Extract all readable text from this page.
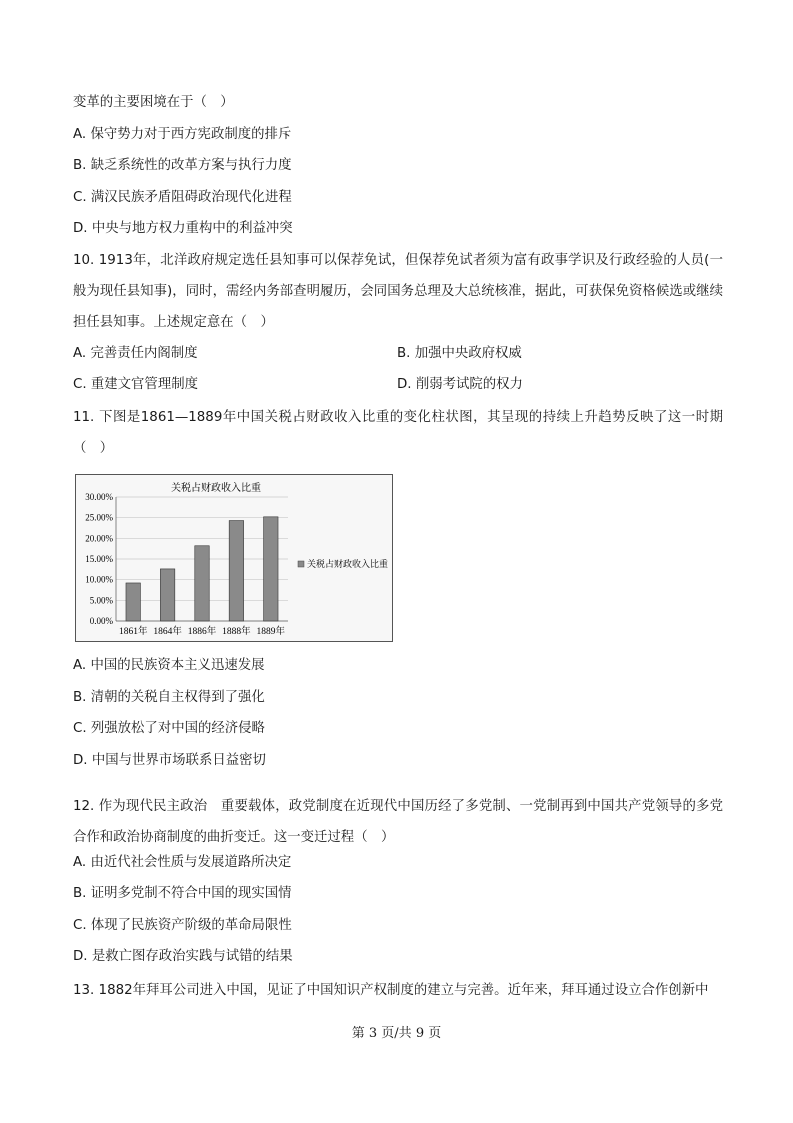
变革的主要困境在于（　）
A. 保守势力对于西方宪政制度的排斥
B. 缺乏系统性的改革方案与执行力度
C. 满汉民族矛盾阻碍政治现代化进程
D. 中央与地方权力重构中的利益冲突
10. 1913年，北洋政府规定选任县知事可以保荐免试，但保荐免试者须为富有政事学识及行政经验的人员(一般为现任县知事)，同时，需经内务部查明履历，会同国务总理及大总统核准，据此，可获保免资格候选或继续担任县知事。上述规定意在（　）
A. 完善责任内阁制度	B. 加强中央政府权威
C. 重建文官管理制度	D. 削弱考试院的权力
11. 下图是1861—1889年中国关税占财政收入比重的变化柱状图，其呈现的持续上升趋势反映了这一时期（　）
关税占财政收入比重
30.00%
25.00%
20.00%
15.00%
10.00%
5.00%
0.00%
1861年 1864年 1886年 1888年 1889年
关税占财政收入比重
A. 中国的民族资本主义迅速发展
B. 清朝的关税自主权得到了强化
C. 列强放松了对中国的经济侵略
D. 中国与世界市场联系日益密切
12. 作为现代民主政治　重要载体，政党制度在近现代中国历经了多党制、一党制再到中国共产党领导的多党合作和政治协商制度的曲折变迁。这一变迁过程（　）
A. 由近代社会性质与发展道路所决定
B. 证明多党制不符合中国的现实国情
C. 体现了民族资产阶级的革命局限性
D. 是救亡图存政治实践与试错的结果
13. 1882年拜耳公司进入中国，见证了中国知识产权制度的建立与完善。近年来，拜耳通过设立合作创新中
第 3 页/共 9 页
